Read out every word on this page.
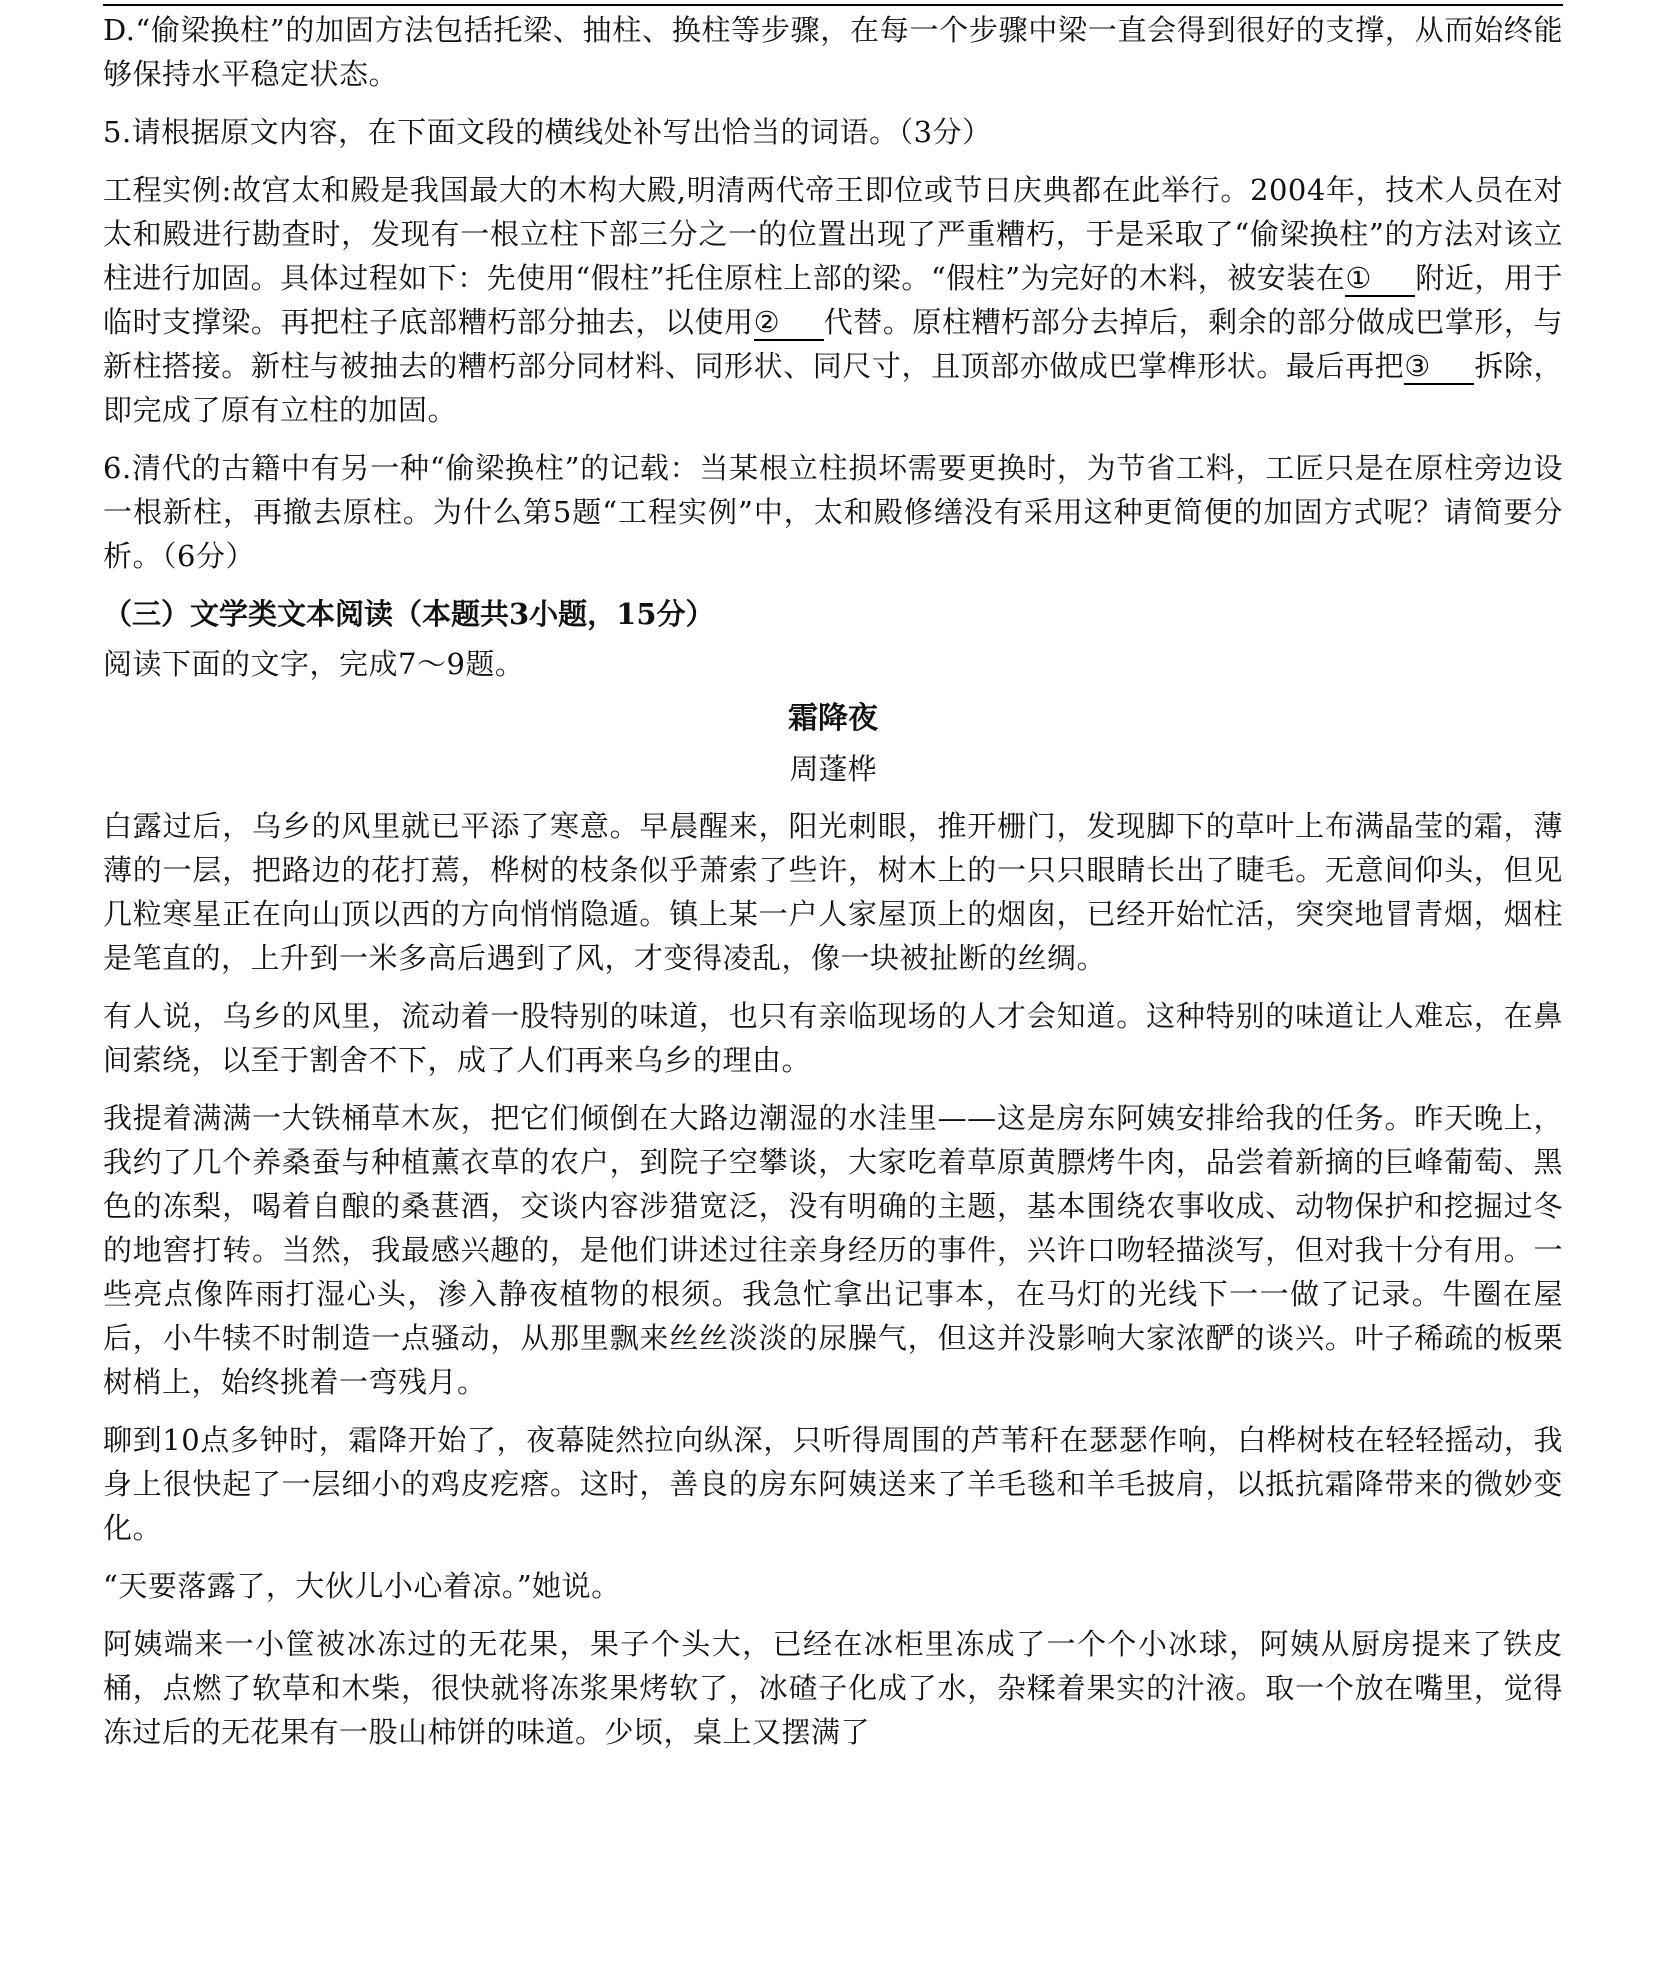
D.“偷梁换柱”的加固方法包括托梁、抽柱、换柱等步骤，在每一个步骤中梁一直会得到很好的支撑，从而始终能够保持水平稳定状态。

5.请根据原文内容，在下面文段的横线处补写出恰当的词语。（3分）

工程实例:故宫太和殿是我国最大的木构大殿,明清两代帝王即位或节日庆典都在此举行。2004年，技术人员在对太和殿进行勘查时，发现有一根立柱下部三分之一的位置出现了严重糟朽，于是采取了“偷梁换柱”的方法对该立柱进行加固。具体过程如下：先使用“假柱”托住原柱上部的梁。“假柱”为完好的木料，被安装在① 附近，用于临时支撑梁。再把柱子底部糟朽部分抽去，以使用② 代替。原柱糟朽部分去掉后，剩余的部分做成巴掌形，与新柱搭接。新柱与被抽去的糟朽部分同材料、同形状、同尺寸，且顶部亦做成巴掌榫形状。最后再把③ 拆除，即完成了原有立柱的加固。

6.清代的古籍中有另一种“偷梁换柱”的记载：当某根立柱损坏需要更换时，为节省工料，工匠只是在原柱旁边设一根新柱，再撤去原柱。为什么第5题“工程实例”中，太和殿修缮没有采用这种更简便的加固方式呢？请简要分析。（6分）

（三）文学类文本阅读（本题共3小题，15分）

阅读下面的文字，完成7～9题。

霜降夜

周蓬桦

白露过后，乌乡的风里就已平添了寒意。早晨醒来，阳光刺眼，推开栅门，发现脚下的草叶上布满晶莹的霜，薄薄的一层，把路边的花打蔫，桦树的枝条似乎萧索了些许，树木上的一只只眼睛长出了睫毛。无意间仰头，但见几粒寒星正在向山顶以西的方向悄悄隐遁。镇上某一户人家屋顶上的烟囱，已经开始忙活，突突地冒青烟，烟柱是笔直的，上升到一米多高后遇到了风，才变得凌乱，像一块被扯断的丝绸。

有人说，乌乡的风里，流动着一股特别的味道，也只有亲临现场的人才会知道。这种特别的味道让人难忘，在鼻间萦绕，以至于割舍不下，成了人们再来乌乡的理由。

我提着满满一大铁桶草木灰，把它们倾倒在大路边潮湿的水洼里——这是房东阿姨安排给我的任务。昨天晚上，我约了几个养桑蚕与种植薰衣草的农户，到院子空攀谈，大家吃着草原黄膘烤牛肉，品尝着新摘的巨峰葡萄、黑色的冻梨，喝着自酿的桑葚酒，交谈内容涉猎宽泛，没有明确的主题，基本围绕农事收成、动物保护和挖掘过冬的地窖打转。当然，我最感兴趣的，是他们讲述过往亲身经历的事件，兴许口吻轻描淡写，但对我十分有用。一些亮点像阵雨打湿心头，渗入静夜植物的根须。我急忙拿出记事本，在马灯的光线下一一做了记录。牛圈在屋后，小牛犊不时制造一点骚动，从那里飘来丝丝淡淡的尿臊气，但这并没影响大家浓酽的谈兴。叶子稀疏的板栗树梢上，始终挑着一弯残月。

聊到10点多钟时，霜降开始了，夜幕陡然拉向纵深，只听得周围的芦苇秆在瑟瑟作响，白桦树枝在轻轻摇动，我身上很快起了一层细小的鸡皮疙瘩。这时，善良的房东阿姨送来了羊毛毯和羊毛披肩，以抵抗霜降带来的微妙变化。

“天要落露了，大伙儿小心着凉。”她说。

阿姨端来一小筐被冰冻过的无花果，果子个头大，已经在冰柜里冻成了一个个小冰球，阿姨从厨房提来了铁皮桶，点燃了软草和木柴，很快就将冻浆果烤软了，冰碴子化成了水，杂糅着果实的汁液。取一个放在嘴里，觉得冻过后的无花果有一股山柿饼的味道。少顷，桌上又摆满了
